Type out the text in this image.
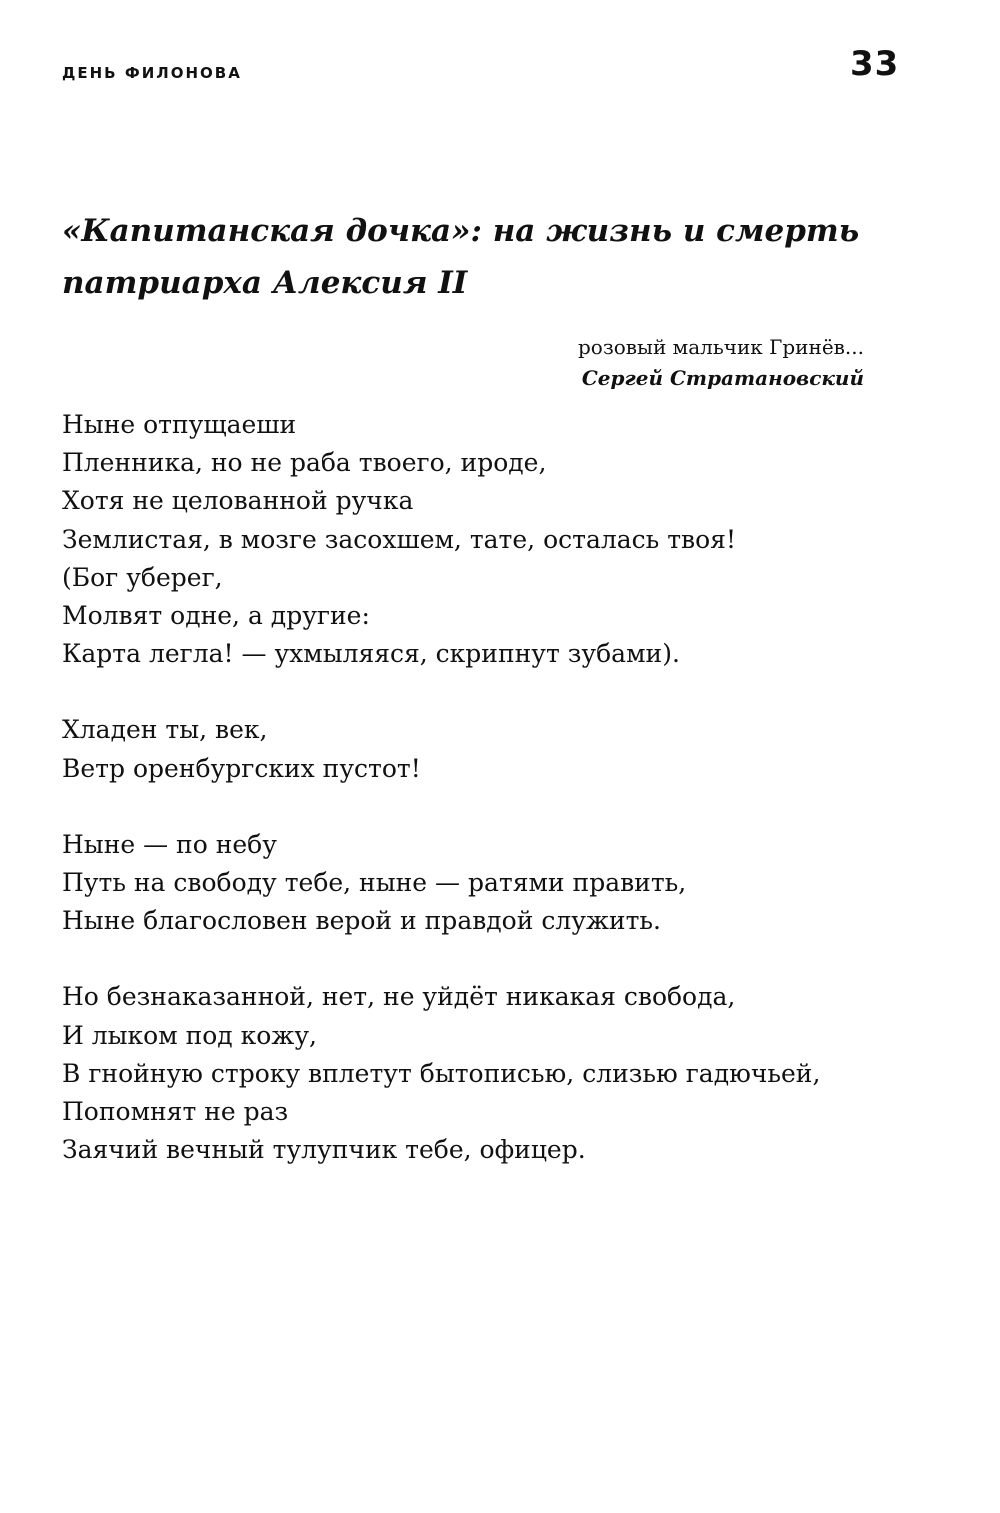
ДЕНЬ ФИЛОНОВА	33
«Капитанская дочка»: на жизнь и смерть
патриарха Алексия II
розовый мальчик Гринёв...
Сергей Стратановский
Ныне отпущаеши
Пленника, но не раба твоего, ироде,
Хотя не целованной ручка
Землистая, в мозге засохшем, тате, осталась твоя!
(Бог уберег,
Молвят одне, а другие:
Карта легла! — ухмыляяся, скрипнут зубами).
Хладен ты, век,
Ветр оренбургских пустот!
Ныне — по небу
Путь на свободу тебе, ныне — ратями править,
Ныне благословен верой и правдой служить.
Но безнаказанной, нет, не уйдёт никакая свобода,
И лыком под кожу,
В гнойную строку вплетут бытописью, слизью гадючьей,
Попомнят не раз
Заячий вечный тулупчик тебе, офицер.
